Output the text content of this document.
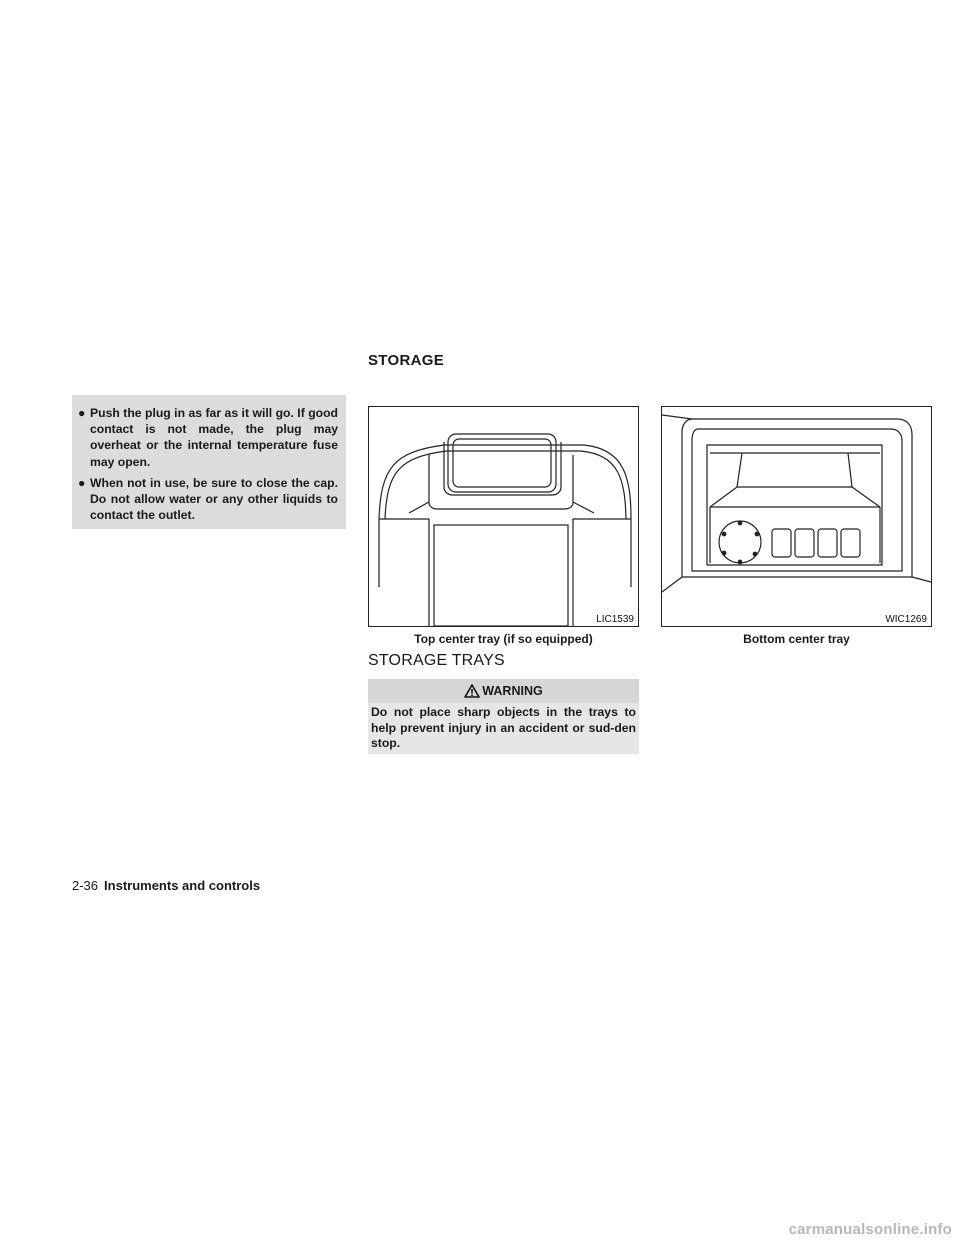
● Push the plug in as far as it will go. If good contact is not made, the plug may overheat or the internal temperature fuse may open.
● When not in use, be sure to close the cap. Do not allow water or any other liquids to contact the outlet.
STORAGE
LIC1539
Top center tray (if so equipped)
WIC1269
Bottom center tray
STORAGE TRAYS
WARNING
Do not place sharp objects in the trays to help prevent injury in an accident or sud-den stop.
2-36 Instruments and controls
carmanualsonline.info
